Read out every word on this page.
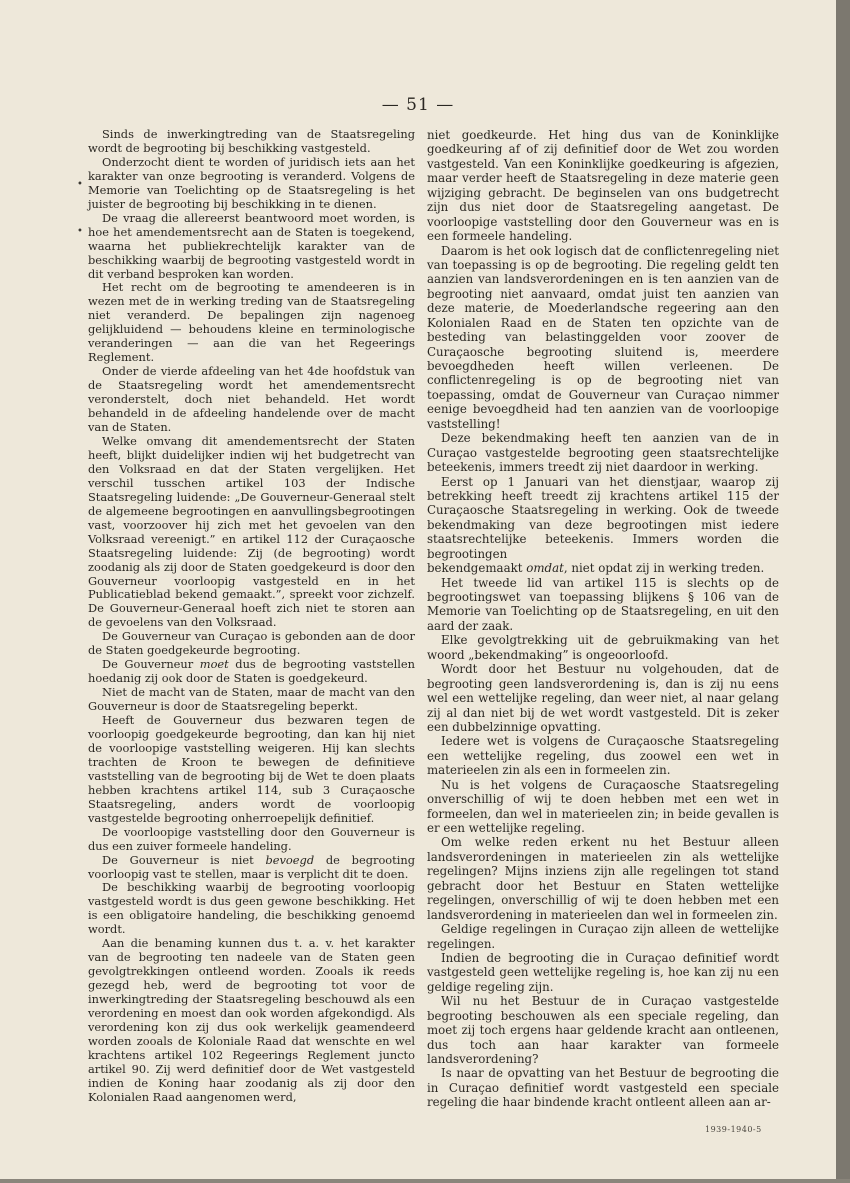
— 51 —
•
•

Sinds de inwerkingtreding van de Staatsregeling wordt de begrooting bij beschikking vastgesteld.

Onderzocht dient te worden of juridisch iets aan het karakter van onze begrooting is veranderd. Volgens de Memorie van Toelichting op de Staatsregeling is het juister de begrooting bij beschikking in te dienen.

De vraag die allereerst beantwoord moet worden, is hoe het amendementsrecht aan de Staten is toegekend, waarna het publiekrechtelijk karakter van de beschikking waarbij de begrooting vastgesteld wordt in dit verband besproken kan worden.

Het recht om de begrooting te amendeeren is in wezen met de in werking treding van de Staatsregeling niet veranderd. De bepalingen zijn nagenoeg gelijkluidend — behoudens kleine en terminologische veranderingen — aan die van het Regeerings Reglement.

Onder de vierde afdeeling van het 4de hoofdstuk van de Staatsregeling wordt het amendementsrecht veronderstelt, doch niet behandeld. Het wordt behandeld in de afdeeling handelende over de macht van de Staten.

Welke omvang dit amendementsrecht der Staten heeft, blijkt duidelijker indien wij het budgetrecht van den Volksraad en dat der Staten vergelijken. Het verschil tusschen artikel 103 der Indische Staatsregeling luidende: „De Gouverneur-Generaal stelt de algemeene begrootingen en aanvullingsbegrootingen vast, voorzoover hij zich met het gevoelen van den Volksraad vereenigt.” en artikel 112 der Curaçaosche Staatsregeling luidende: Zij (de begrooting) wordt zoodanig als zij door de Staten goedgekeurd is door den Gouverneur voorloopig vastgesteld en in het Publicatieblad bekend gemaakt.”, spreekt voor zichzelf. De Gouverneur-Generaal hoeft zich niet te storen aan de gevoelens van den Volksraad.

De Gouverneur van Curaçao is gebonden aan de door de Staten goedgekeurde begrooting.

De Gouverneur moet dus de begrooting vaststellen hoedanig zij ook door de Staten is goedgekeurd.

Niet de macht van de Staten, maar de macht van den Gouverneur is door de Staatsregeling beperkt.

Heeft de Gouverneur dus bezwaren tegen de voorloopig goedgekeurde begrooting, dan kan hij niet de voorloopige vaststelling weigeren. Hij kan slechts trachten de Kroon te bewegen de definitieve vaststelling van de begrooting bij de Wet te doen plaats hebben krachtens artikel 114, sub 3 Curaçaosche Staatsregeling, anders wordt de voorloopig vastgestelde begrooting onherroepelijk definitief.

De voorloopige vaststelling door den Gouverneur is dus een zuiver formeele handeling.

De Gouverneur is niet bevoegd de begrooting voorloopig vast te stellen, maar is verplicht dit te doen.

De beschikking waarbij de begrooting voorloopig vastgesteld wordt is dus geen gewone beschikking. Het is een obligatoire handeling, die beschikking genoemd wordt.

Aan die benaming kunnen dus t. a. v. het karakter van de begrooting ten nadeele van de Staten geen gevolgtrekkingen ontleend worden. Zooals ik reeds gezegd heb, werd de begrooting tot voor de inwerkingtreding der Staatsregeling beschouwd als een verordening en moest dan ook worden afgekondigd. Als verordening kon zij dus ook werkelijk geamendeerd worden zooals de Koloniale Raad dat wenschte en wel krachtens artikel 102 Regeerings Reglement juncto artikel 90. Zij werd definitief door de Wet vastgesteld indien de Koning haar zoodanig als zij door den Kolonialen Raad aangenomen werd,

niet goedkeurde. Het hing dus van de Koninklijke goedkeuring af of zij definitief door de Wet zou worden vastgesteld. Van een Koninklijke goedkeuring is afgezien, maar verder heeft de Staatsregeling in deze materie geen wijziging gebracht. De beginselen van ons budgetrecht zijn dus niet door de Staatsregeling aangetast. De voorloopige vaststelling door den Gouverneur was en is een formeele handeling.

Daarom is het ook logisch dat de conflictenregeling niet van toepassing is op de begrooting. Die regeling geldt ten aanzien van landsverordeningen en is ten aanzien van de begrooting niet aanvaard, omdat juist ten aanzien van deze materie, de Moederlandsche regeering aan den Kolonialen Raad en de Staten ten opzichte van de besteding van belastinggelden voor zoover de Curaçaosche begrooting sluitend is, meerdere bevoegdheden heeft willen verleenen. De conflictenregeling is op de begrooting niet van toepassing, omdat de Gouverneur van Curaçao nimmer eenige bevoegdheid had ten aanzien van de voorloopige vaststelling!

Deze bekendmaking heeft ten aanzien van de in Curaçao vastgestelde begrooting geen staatsrechtelijke beteekenis, immers treedt zij niet daardoor in werking.

Eerst op 1 Januari van het dienstjaar, waarop zij betrekking heeft treedt zij krachtens artikel 115 der Curaçaosche Staatsregeling in werking. Ook de tweede bekendmaking van deze begrootingen mist iedere staatsrechtelijke beteekenis. Immers worden die begrootingen

bekendgemaakt omdat, niet opdat zij in werking treden.

Het tweede lid van artikel 115 is slechts op de begrootingswet van toepassing blijkens § 106 van de Memorie van Toelichting op de Staatsregeling, en uit den aard der zaak.

Elke gevolgtrekking uit de gebruikmaking van het woord „bekendmaking” is ongeoorloofd.

Wordt door het Bestuur nu volgehouden, dat de begrooting geen landsverordening is, dan is zij nu eens wel een wettelijke regeling, dan weer niet, al naar gelang zij al dan niet bij de wet wordt vastgesteld. Dit is zeker een dubbelzinnige opvatting.

Iedere wet is volgens de Curaçaosche Staatsregeling een wettelijke regeling, dus zoowel een wet in materieelen zin als een in formeelen zin.

Nu is het volgens de Curaçaosche Staatsregeling onverschillig of wij te doen hebben met een wet in formeelen, dan wel in materieelen zin; in beide gevallen is er een wettelijke regeling.

Om welke reden erkent nu het Bestuur alleen landsverordeningen in materieelen zin als wettelijke regelingen? Mijns inziens zijn alle regelingen tot stand gebracht door het Bestuur en Staten wettelijke regelingen, onverschillig of wij te doen hebben met een landsverordening in materieelen dan wel in formeelen zin.

Geldige regelingen in Curaçao zijn alleen de wettelijke regelingen.

Indien de begrooting die in Curaçao definitief wordt vastgesteld geen wettelijke regeling is, hoe kan zij nu een geldige regeling zijn.

Wil nu het Bestuur de in Curaçao vastgestelde begrooting beschouwen als een speciale regeling, dan moet zij toch ergens haar geldende kracht aan ontleenen, dus toch aan haar karakter van formeele landsverordening?

Is naar de opvatting van het Bestuur de begrooting die in Curaçao definitief wordt vastgesteld een speciale regeling die haar bindende kracht ontleent alleen aan ar-

1939-1940-5
